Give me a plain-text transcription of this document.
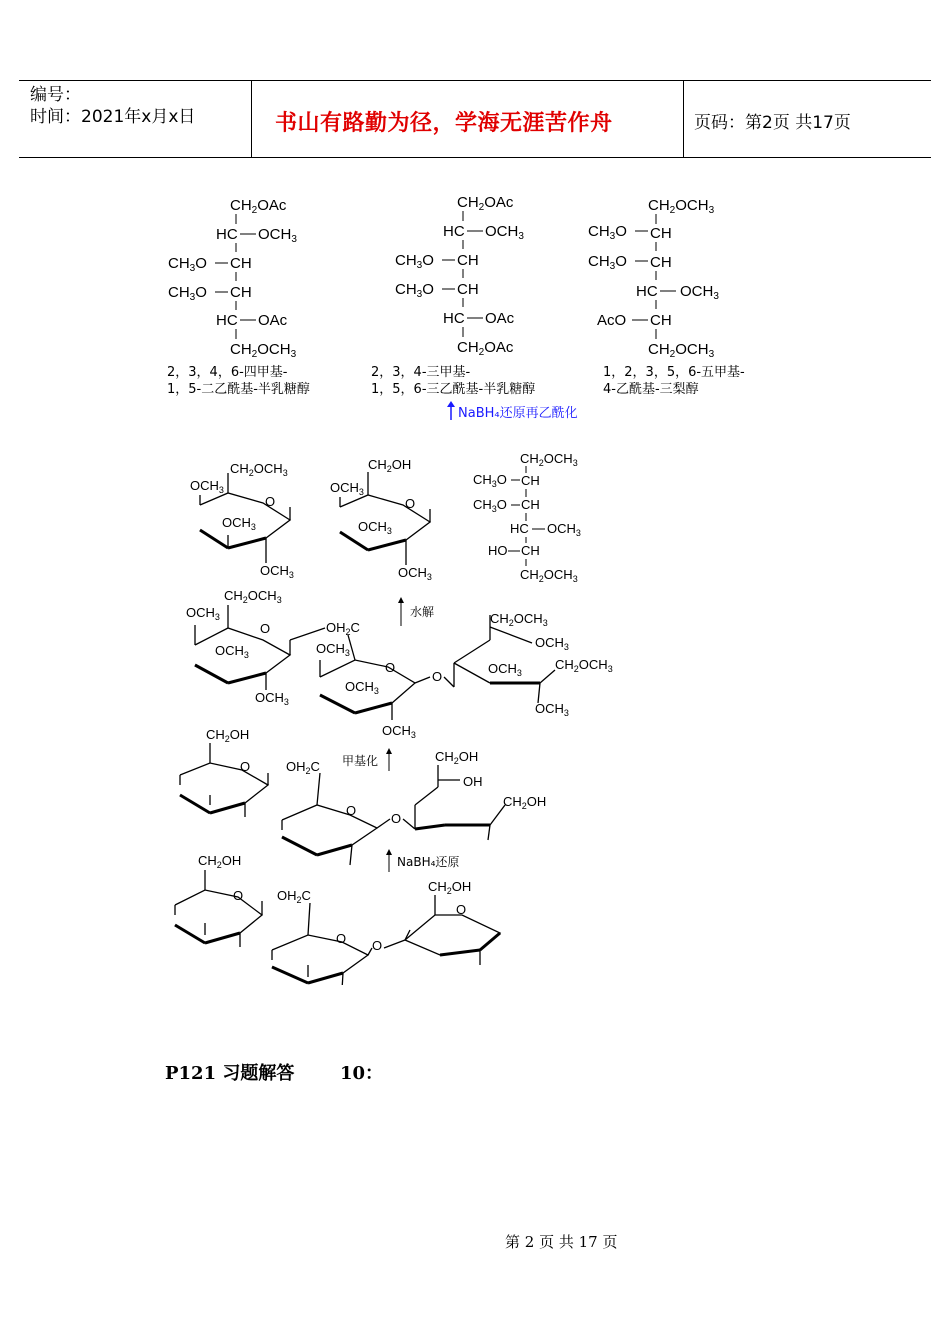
编号：
时间：2021年x月x日	书山有路勤为径，学海无涯苦作舟	页码：第2页 共17页
$CH_2OAc$
HC $OCH_3$
$CH_3O$ CH
$CH_3O$ CH
HC OAc
$CH_2OCH_3$
$CH_2OAc$
HC $OCH_3$
$CH_3O$ CH
$CH_3O$ CH
HC OAc
$CH_2OAc$
$CH_2OCH_3$
$CH_3O$ CH
$CH_3O$ CH
HC $OCH_3$
AcO CH
$CH_2OCH_3$
2，3，4，6-四甲基-
1，5-二乙酰基-半乳糖醇
2，3，4-三甲基-
1，5，6-三乙酰基-半乳糖醇
1，2，3，5，6-五甲基-
4-乙酰基-三梨醇
NaBH₄还原再乙酰化
$CH_2OCH_3$
$OCH_3$
O
$OCH_3$
$OCH_3$
$CH_2OH$
$OCH_3$
O
$OCH_3$
$OCH_3$
$CH_2OCH_3$
$CH_3O$ CH
$CH_3O$ CH
HC $OCH_3$
HO CH
$CH_2OCH_3$
$CH_2OCH_3$
$OCH_3$
O
$OCH_3$
$OCH_3$
$OH_2C$
$OCH_3$
O
$OCH_3$
$OCH_3$
O
$CH_2OCH_3$
$OCH_3$
$OCH_3$
$CH_2OCH_3$
$OCH_3$
$CH_2OH$
O	$OH_2C$
O
O
$CH_2OH$
OH
$CH_2OH$
$CH_2OH$
O	$OH_2C$
O O
$CH_2OH$
O
水解
甲基化
NaBH₄还原
P121 习题解答	10：
第 2 页 共 17 页
